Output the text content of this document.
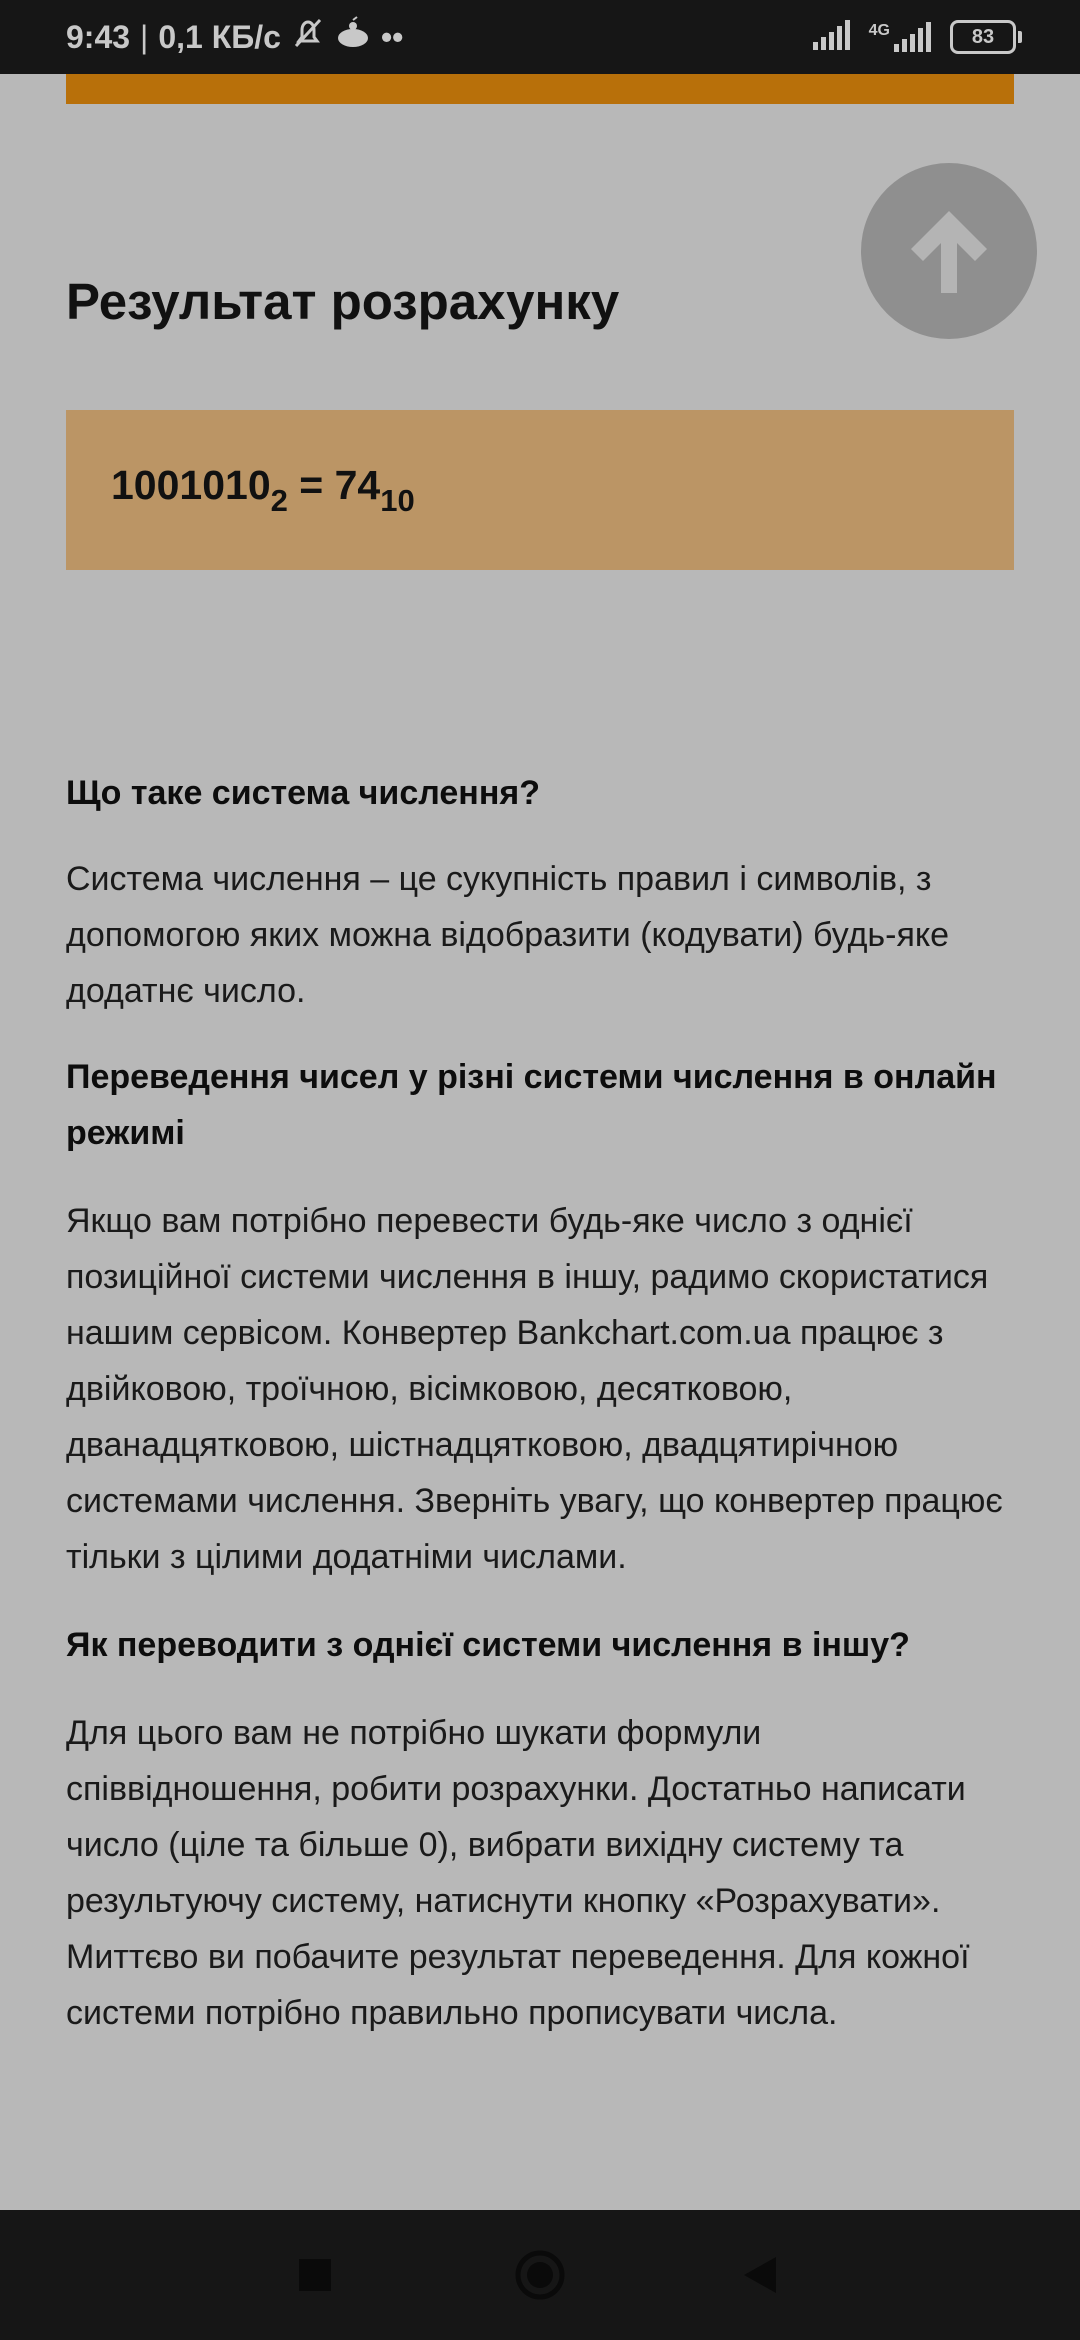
9:43 | 0,1 КБ/с	••	4G	83
Результат розрахунку
$1001010_2 = 74_{10}$
Що таке система числення?

Система числення – це сукупність правил і символів, з допомогою яких можна відобразити (кодувати) будь-яке додатнє число.

Переведення чисел у різні системи числення в онлайн режимі

Якщо вам потрібно перевести будь-яке число з однієї позиційної системи числення в іншу, радимо скористатися нашим сервісом. Конвертер Bankchart.com.ua працює з двійковою, троїчною, вісімковою, десятковою, дванадцятковою, шістнадцятковою, двадцятирічною системами числення. Зверніть увагу, що конвертер працює тільки з цілими додатніми числами.

Як переводити з однієї системи числення в іншу?

Для цього вам не потрібно шукати формули співвідношення, робити розрахунки. Достатньо написати число (ціле та більше 0), вибрати вихідну систему та результуючу систему, натиснути кнопку «Розрахувати». Миттєво ви побачите результат переведення. Для кожної системи потрібно правильно прописувати числа.
